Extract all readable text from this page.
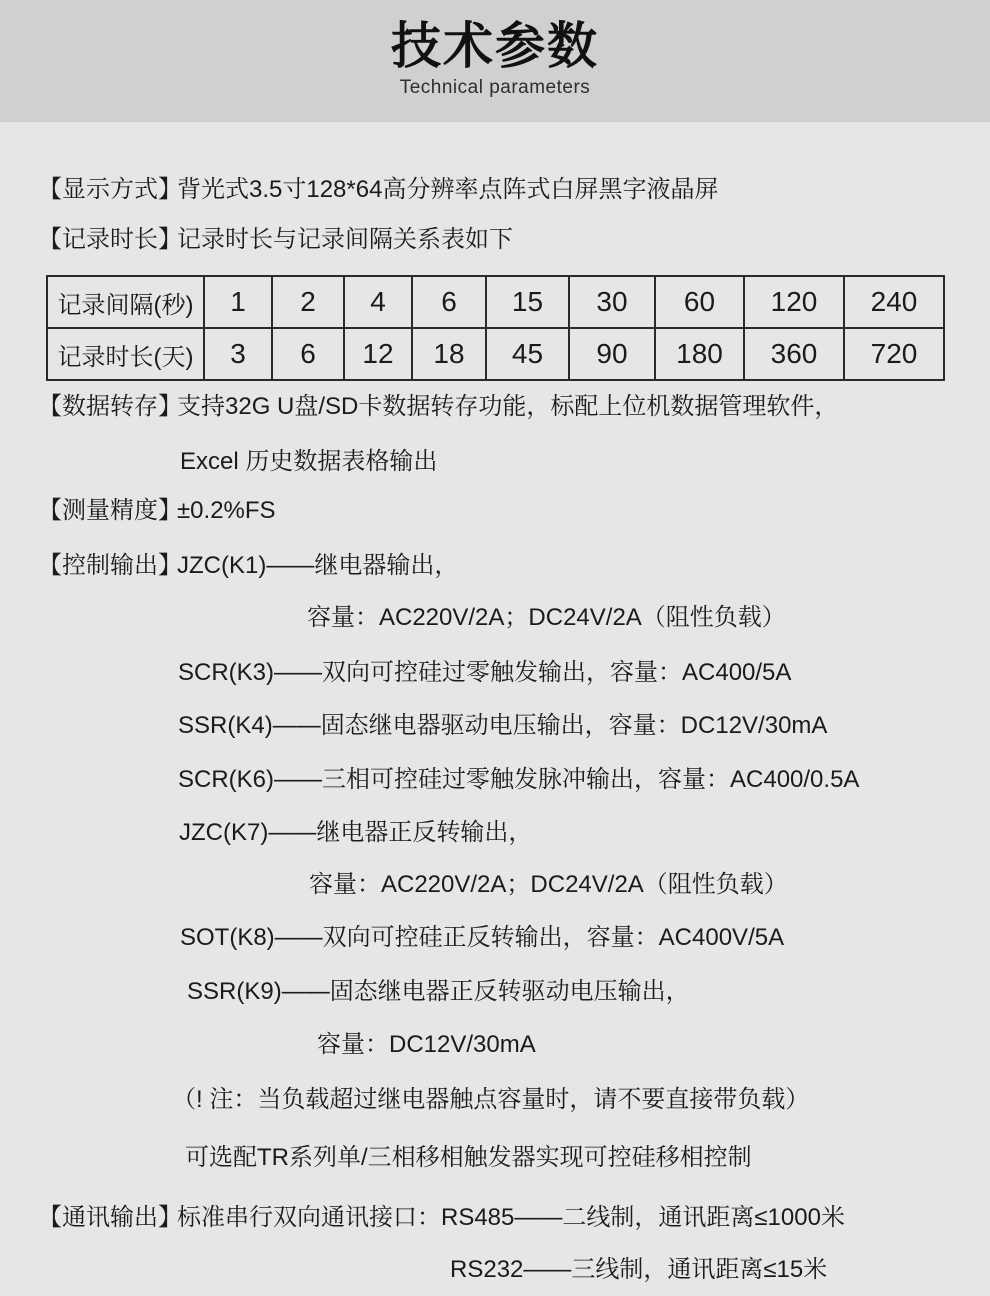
技术参数
Technical parameters
【显示方式】
背光式3.5寸128*64高分辨率点阵式白屏黑字液晶屏
【记录时长】
记录时长与记录间隔关系表如下
记录间隔(秒)	1	2	4	6	15	30	60	120	240
记录时长(天)	3	6	12	18	45	90	180	360	720
【数据转存】
支持32G U盘/SD卡数据转存功能，标配上位机数据管理软件，
Excel 历史数据表格输出
【测量精度】
±0.2%FS
【控制输出】
JZC(K1)——继电器输出，
容量：AC220V/2A；DC24V/2A（阻性负载）
SCR(K3)——双向可控硅过零触发输出，容量：AC400/5A
SSR(K4)——固态继电器驱动电压输出，容量：DC12V/30mA
SCR(K6)——三相可控硅过零触发脉冲输出，容量：AC400/0.5A
JZC(K7)——继电器正反转输出，
容量：AC220V/2A；DC24V/2A（阻性负载）
SOT(K8)——双向可控硅正反转输出，容量：AC400V/5A
SSR(K9)——固态继电器正反转驱动电压输出，
容量：DC12V/30mA
（! 注：当负载超过继电器触点容量时，请不要直接带负载）
可选配TR系列单/三相移相触发器实现可控硅移相控制
【通讯输出】
标准串行双向通讯接口：RS485——二线制，通讯距离≤1000米
RS232——三线制，通讯距离≤15米
